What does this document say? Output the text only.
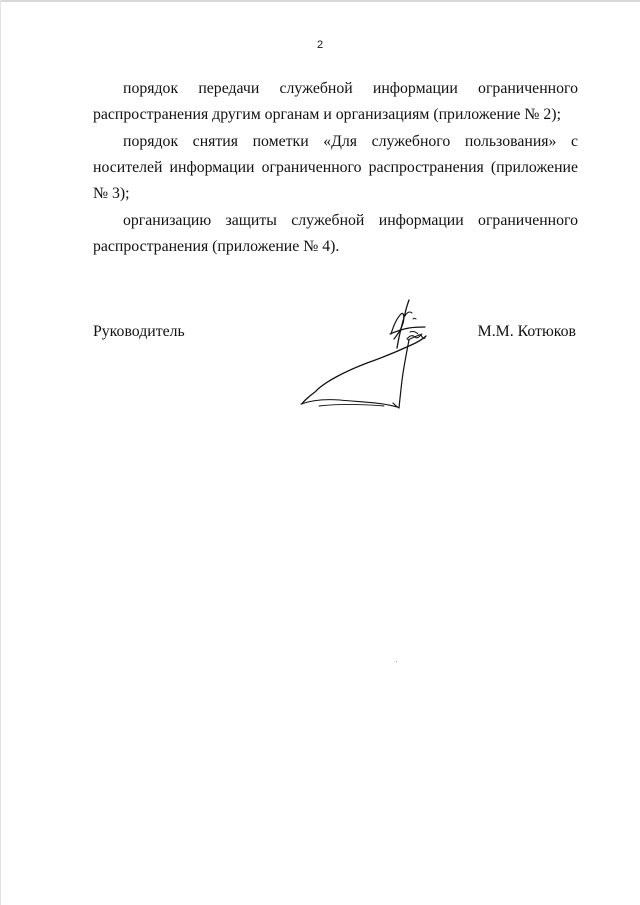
2

порядок передачи служебной информации ограниченного распространения другим органам и организациям (приложение № 2);

порядок снятия пометки «Для служебного пользования» с носителей информации ограниченного распространения (приложение № 3);

организацию защиты служебной информации ограниченного распространения (приложение № 4).

Руководитель	М.М. Котюков
